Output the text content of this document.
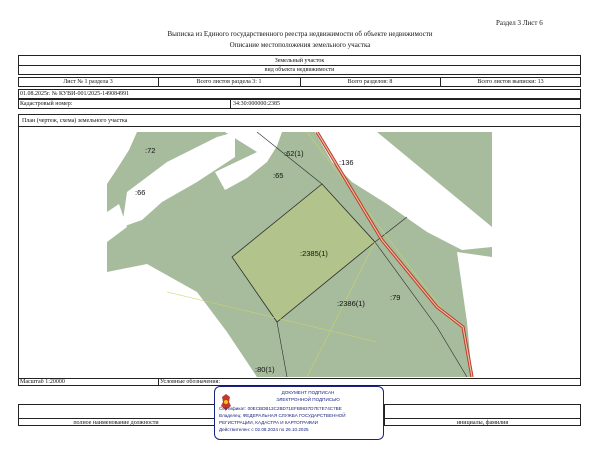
Раздел 3 Лист 6
Выписка из Единого государственного реестра недвижимости об объекте недвижимости
Описание местоположения земельного участка
Земельный участок
вид объекта недвижимости
Лист № 1 раздела 3	Всего листов раздела 3: 1	Всего разделов: 8	Всего листов выписки: 13
01.08.2025г. № КУВИ-001/2025-149084991
Кадастровый номер:	34:30:000000:2385
План (чертеж, схема) земельного участка
:72
:66
:62(1)
:65
:136
:2385(1)
:2386(1)
:79
:80(1)
Масштаб 1:20000	Условные обозначения:
полное наименование должности	инициалы, фамилия
ДОКУМЕНТ ПОДПИСАН
ЭЛЕКТРОННОЙ ПОДПИСЬЮ
Сертификат: 00ECBDB13C2BD71EFB9837D7E7E74C7BE
Владелец: ФЕДЕРАЛЬНАЯ СЛУЖБА ГОСУДАРСТВЕННОЙ
РЕГИСТРАЦИИ, КАДАСТРА И КАРТОГРАФИИ
Действителен: с 02.08.2024 по 26.10.2025
